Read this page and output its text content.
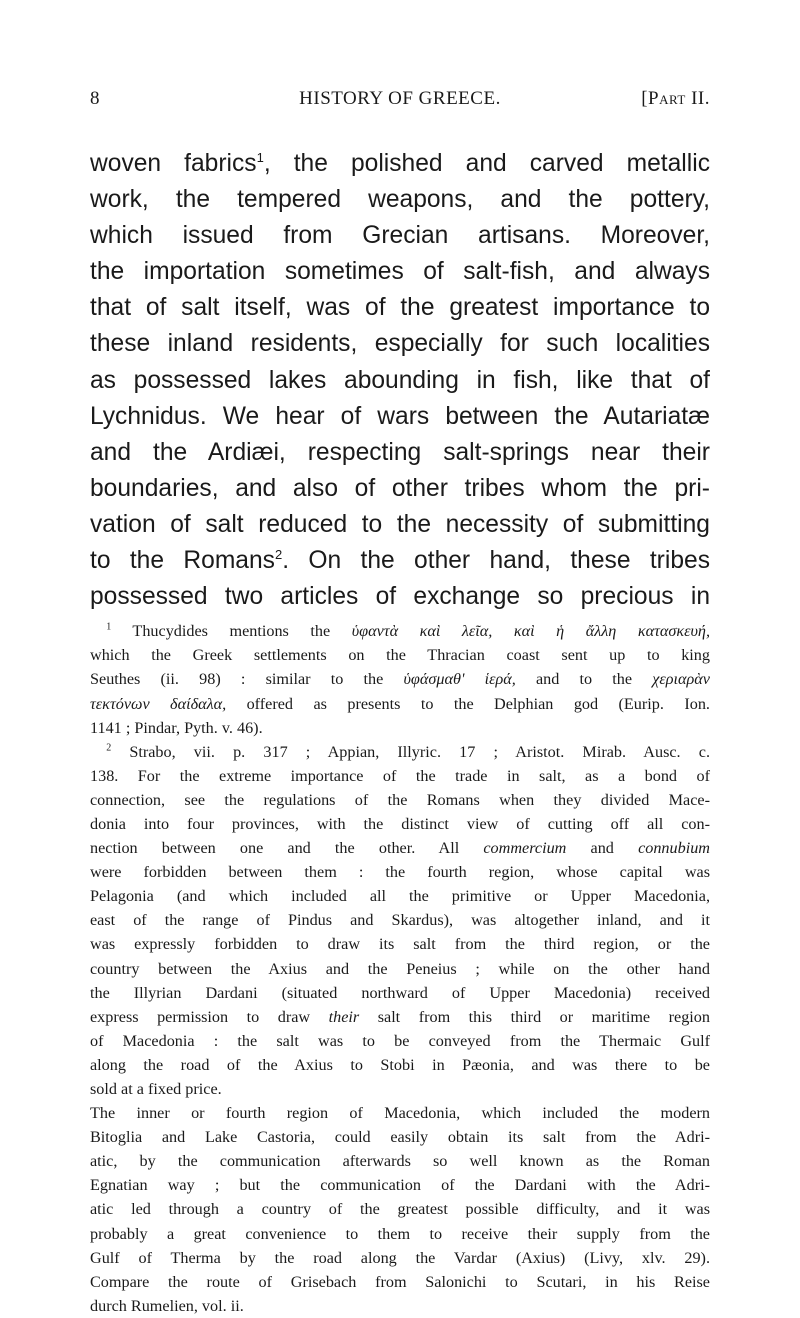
8	HISTORY OF GREECE.	[Part II.
woven fabrics$^1$, the polished and carved metallic
work, the tempered weapons, and the pottery,
which issued from Grecian artisans. Moreover,
the importation sometimes of salt-fish, and always
that of salt itself, was of the greatest importance to
these inland residents, especially for such localities
as possessed lakes abounding in fish, like that of
Lychnidus. We hear of wars between the Autariatæ
and the Ardiæi, respecting salt-springs near their
boundaries, and also of other tribes whom the pri-
vation of salt reduced to the necessity of submitting
to the Romans$^2$. On the other hand, these tribes
possessed two articles of exchange so precious in
 $^1$ Thucydides mentions the ὑφαντὰ καὶ λεῖα, καὶ ἡ ἄλλη κατασκευή,
which the Greek settlements on the Thracian coast sent up to king
Seuthes (ii. 98) : similar to the ὑφάσμαθ' ἱερά, and to the χεριαρὰν
τεκτόνων δαίδαλα, offered as presents to the Delphian god (Eurip. Ion.
1141 ; Pindar, Pyth. v. 46).
 $^2$ Strabo, vii. p. 317 ; Appian, Illyric. 17 ; Aristot. Mirab. Ausc. c.
138. For the extreme importance of the trade in salt, as a bond of
connection, see the regulations of the Romans when they divided Mace-
donia into four provinces, with the distinct view of cutting off all con-
nection between one and the other. All commercium and connubium
were forbidden between them : the fourth region, whose capital was
Pelagonia (and which included all the primitive or Upper Macedonia,
east of the range of Pindus and Skardus), was altogether inland, and it
was expressly forbidden to draw its salt from the third region, or the
country between the Axius and the Peneius ; while on the other hand
the Illyrian Dardani (situated northward of Upper Macedonia) received
express permission to draw their salt from this third or maritime region
of Macedonia : the salt was to be conveyed from the Thermaic Gulf
along the road of the Axius to Stobi in Pæonia, and was there to be
sold at a fixed price.
The inner or fourth region of Macedonia, which included the modern
Bitoglia and Lake Castoria, could easily obtain its salt from the Adri-
atic, by the communication afterwards so well known as the Roman
Egnatian way ; but the communication of the Dardani with the Adri-
atic led through a country of the greatest possible difficulty, and it was
probably a great convenience to them to receive their supply from the
Gulf of Therma by the road along the Vardar (Axius) (Livy, xlv. 29).
Compare the route of Grisebach from Salonichi to Scutari, in his Reise
durch Rumelien, vol. ii.
